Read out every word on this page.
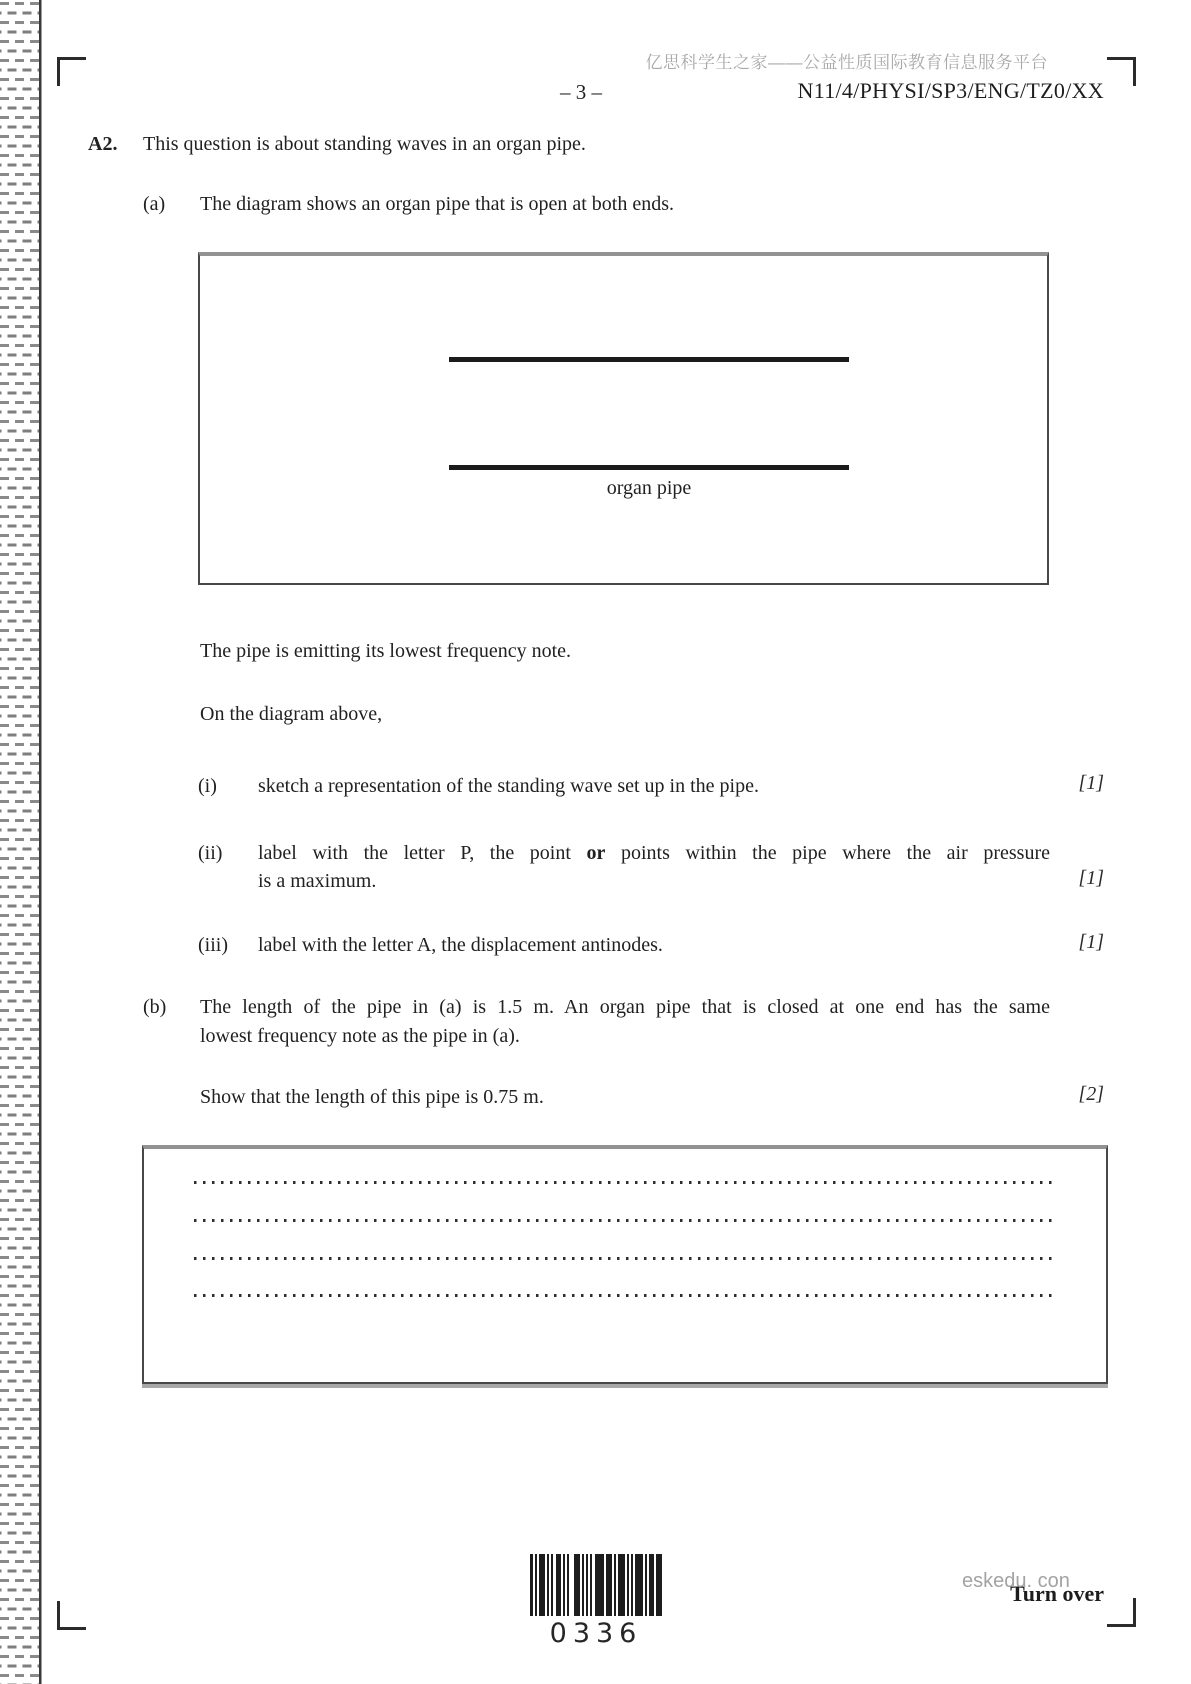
亿思科学生之家——公益性质国际教育信息服务平台
– 3 –	N11/4/PHYSI/SP3/ENG/TZ0/XX
A2. This question is about standing waves in an organ pipe.
(a) The diagram shows an organ pipe that is open at both ends.
organ pipe
The pipe is emitting its lowest frequency note.
On the diagram above,
(i) sketch a representation of the standing wave set up in the pipe.	[1]
(ii) label with the letter P, the point or points within the pipe where the air pressure
is a maximum.	[1]
(iii) label with the letter A, the displacement antinodes.	[1]
(b) The length of the pipe in (a) is 1.5 m. An organ pipe that is closed at one end has the same
lowest frequency note as the pipe in (a).
Show that the length of this pipe is 0.75 m.	[2]
0336
eskedu. con
Turn over
